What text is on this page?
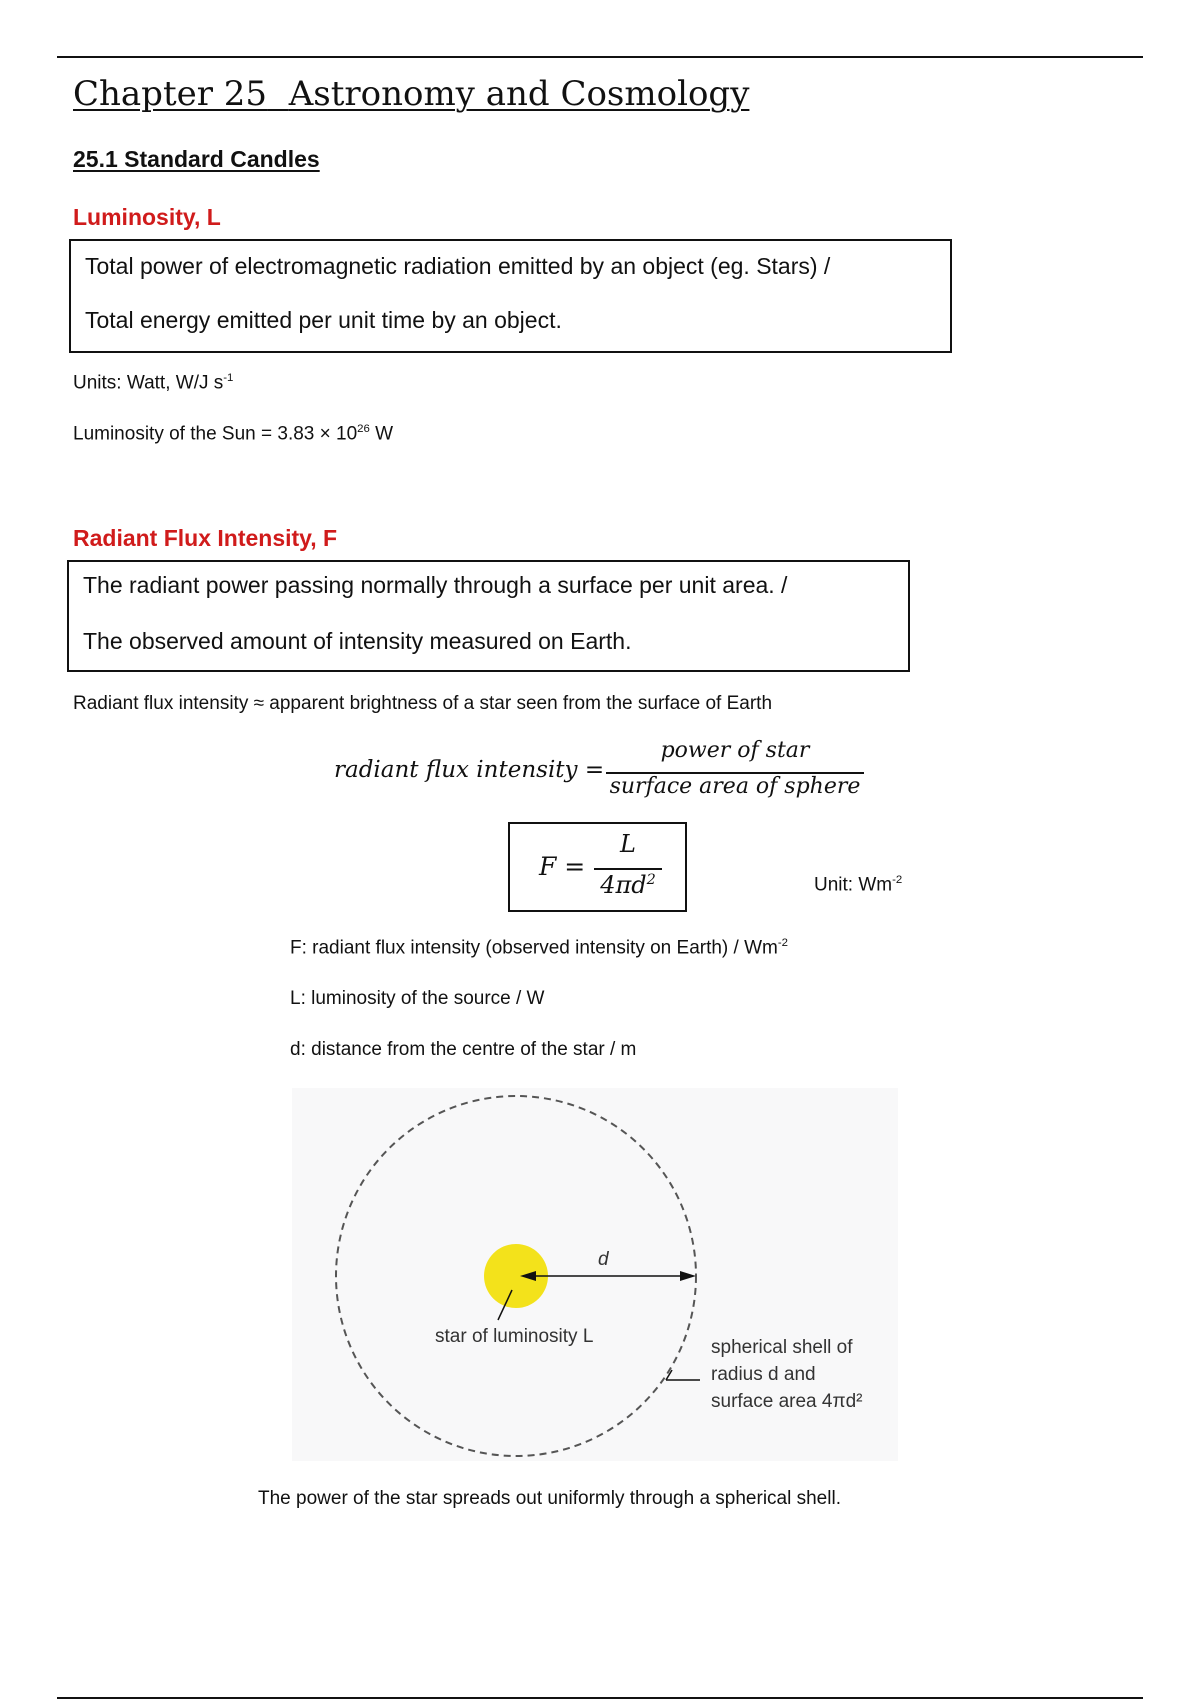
Chapter 25 Astronomy and Cosmology
25.1 Standard Candles
Luminosity, L
Total power of electromagnetic radiation emitted by an object (eg. Stars) /
Total energy emitted per unit time by an object.
Units: Watt, W/J $s^{-1}$
Luminosity of the Sun = $3.83 \times 10^{26}$ W
Radiant Flux Intensity, F
The radiant power passing normally through a surface per unit area. /
The observed amount of intensity measured on Earth.
Radiant flux intensity ≈ apparent brightness of a star seen from the surface of Earth
radiant flux intensity =
power of star
surface area of sphere
F =
L
$4\pi d^2$	Unit: $Wm^{-2}$
F: radiant flux intensity (observed intensity on Earth) / $Wm^{-2}$
L: luminosity of the source / W
d: distance from the centre of the star / m
d
star of luminosity L
spherical shell of
radius d and
surface area 4πd²
The power of the star spreads out uniformly through a spherical shell.
